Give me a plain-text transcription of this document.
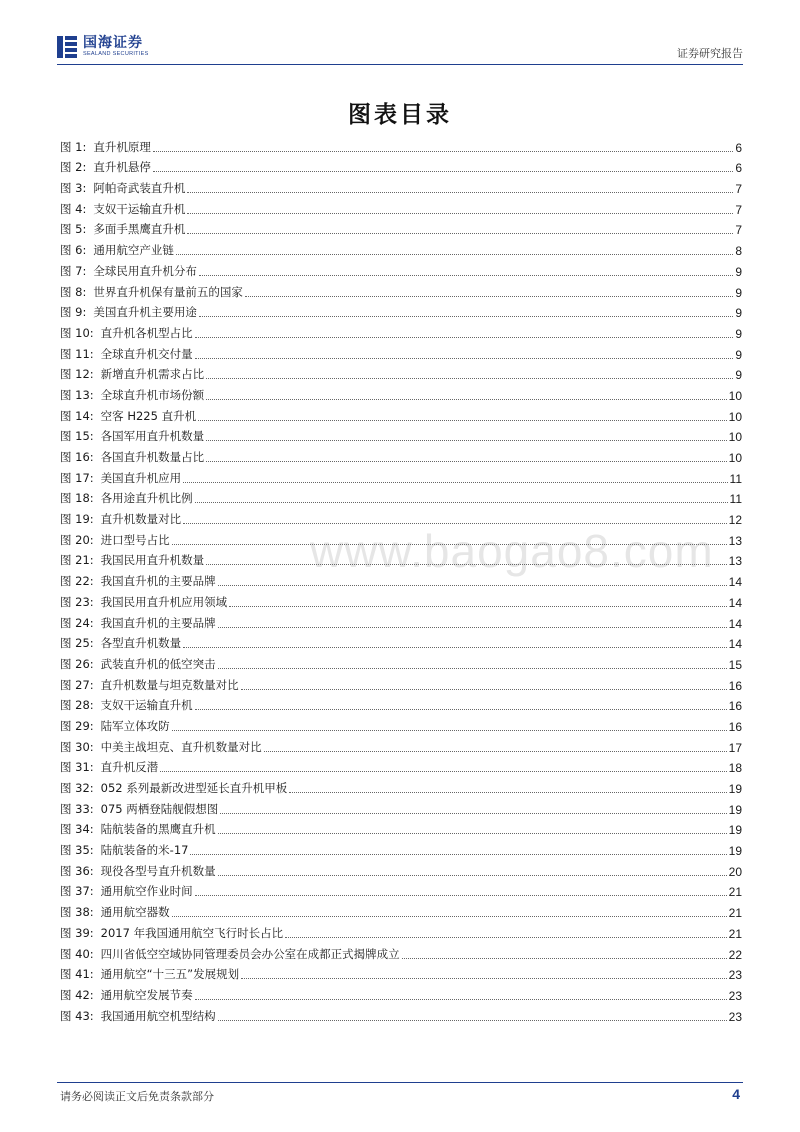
国海证券
SEALAND SECURITIES	证券研究报告
图表目录
www.baogao8.com
图 1: 直升机原理	6
图 2: 直升机悬停	6
图 3: 阿帕奇武装直升机	7
图 4: 支奴干运输直升机	7
图 5: 多面手黑鹰直升机	7
图 6: 通用航空产业链	8
图 7: 全球民用直升机分布	9
图 8: 世界直升机保有量前五的国家	9
图 9: 美国直升机主要用途	9
图 10: 直升机各机型占比	9
图 11: 全球直升机交付量	9
图 12: 新增直升机需求占比	9
图 13: 全球直升机市场份额	10
图 14: 空客 H225 直升机	10
图 15: 各国军用直升机数量	10
图 16: 各国直升机数量占比	10
图 17: 美国直升机应用	11
图 18: 各用途直升机比例	11
图 19: 直升机数量对比	12
图 20: 进口型号占比	13
图 21: 我国民用直升机数量	13
图 22: 我国直升机的主要品牌	14
图 23: 我国民用直升机应用领域	14
图 24: 我国直升机的主要品牌	14
图 25: 各型直升机数量	14
图 26: 武装直升机的低空突击	15
图 27: 直升机数量与坦克数量对比	16
图 28: 支奴干运输直升机	16
图 29: 陆军立体攻防	16
图 30: 中美主战坦克、直升机数量对比	17
图 31: 直升机反潜	18
图 32: 052 系列最新改进型延长直升机甲板	19
图 33: 075 两栖登陆舰假想图	19
图 34: 陆航装备的黑鹰直升机	19
图 35: 陆航装备的米-17	19
图 36: 现役各型号直升机数量	20
图 37: 通用航空作业时间	21
图 38: 通用航空器数	21
图 39: 2017 年我国通用航空飞行时长占比	21
图 40: 四川省低空空域协同管理委员会办公室在成都正式揭牌成立	22
图 41: 通用航空“十三五”发展规划	23
图 42: 通用航空发展节奏	23
图 43: 我国通用航空机型结构	23
请务必阅读正文后免责条款部分	4
